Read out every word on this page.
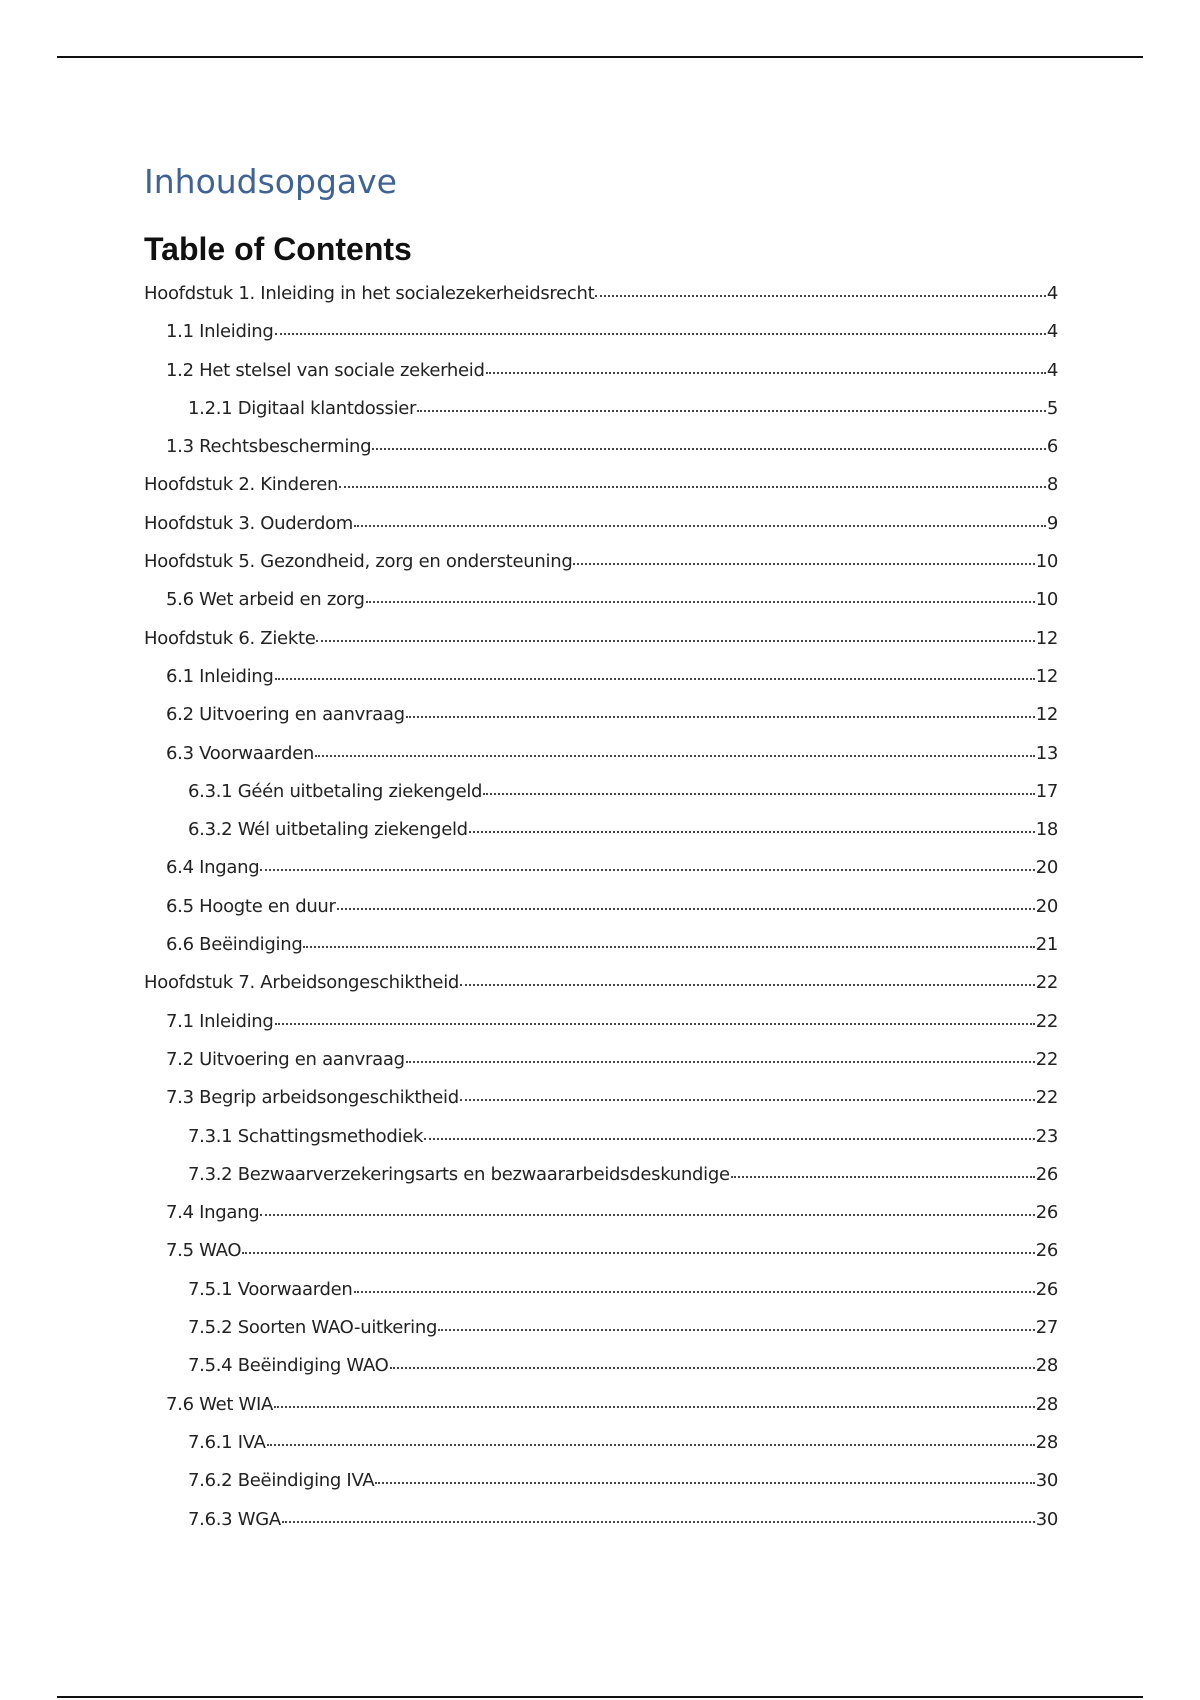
Inhoudsopgave
Table of Contents
Hoofdstuk 1. Inleiding in het socialezekerheidsrecht	4
1.1 Inleiding	4
1.2 Het stelsel van sociale zekerheid	4
1.2.1 Digitaal klantdossier	5
1.3 Rechtsbescherming	6
Hoofdstuk 2. Kinderen	8
Hoofdstuk 3. Ouderdom	9
Hoofdstuk 5. Gezondheid, zorg en ondersteuning	10
5.6 Wet arbeid en zorg	10
Hoofdstuk 6. Ziekte	12
6.1 Inleiding	12
6.2 Uitvoering en aanvraag	12
6.3 Voorwaarden	13
6.3.1 Géén uitbetaling ziekengeld	17
6.3.2 Wél uitbetaling ziekengeld	18
6.4 Ingang	20
6.5 Hoogte en duur	20
6.6 Beëindiging	21
Hoofdstuk 7. Arbeidsongeschiktheid	22
7.1 Inleiding	22
7.2 Uitvoering en aanvraag	22
7.3 Begrip arbeidsongeschiktheid	22
7.3.1 Schattingsmethodiek	23
7.3.2 Bezwaarverzekeringsarts en bezwaararbeidsdeskundige	26
7.4 Ingang	26
7.5 WAO	26
7.5.1 Voorwaarden	26
7.5.2 Soorten WAO-uitkering	27
7.5.4 Beëindiging WAO	28
7.6 Wet WIA	28
7.6.1 IVA	28
7.6.2 Beëindiging IVA	30
7.6.3 WGA	30
